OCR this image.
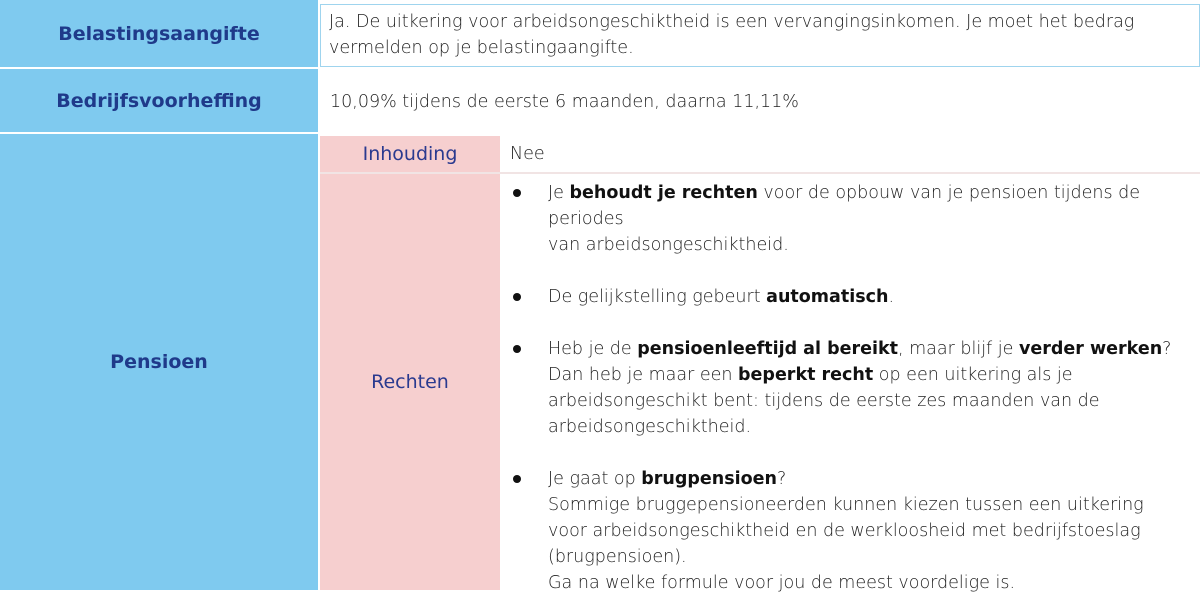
Belastingsaangifte
Ja. De uitkering voor arbeidsongeschiktheid is een vervangingsinkomen. Je moet het bedrag
vermelden op je belastingaangifte.
Bedrijfsvoorheffing	10,09% tijdens de eerste 6 maanden, daarna 11,11%
Pensioen
Inhouding	Nee
Rechten
Je behoudt je rechten voor de opbouw van je pensioen tijdens de periodes
van arbeidsongeschiktheid.
De gelijkstelling gebeurt automatisch.
Heb je de pensioenleeftijd al bereikt, maar blijf je verder werken?
Dan heb je maar een beperkt recht op een uitkering als je
arbeidsongeschikt bent: tijdens de eerste zes maanden van de
arbeidsongeschiktheid.
Je gaat op brugpensioen?
Sommige bruggepensioneerden kunnen kiezen tussen een uitkering
voor arbeidsongeschiktheid en de werkloosheid met bedrijfstoeslag
(brugpensioen).
Ga na welke formule voor jou de meest voordelige is.
